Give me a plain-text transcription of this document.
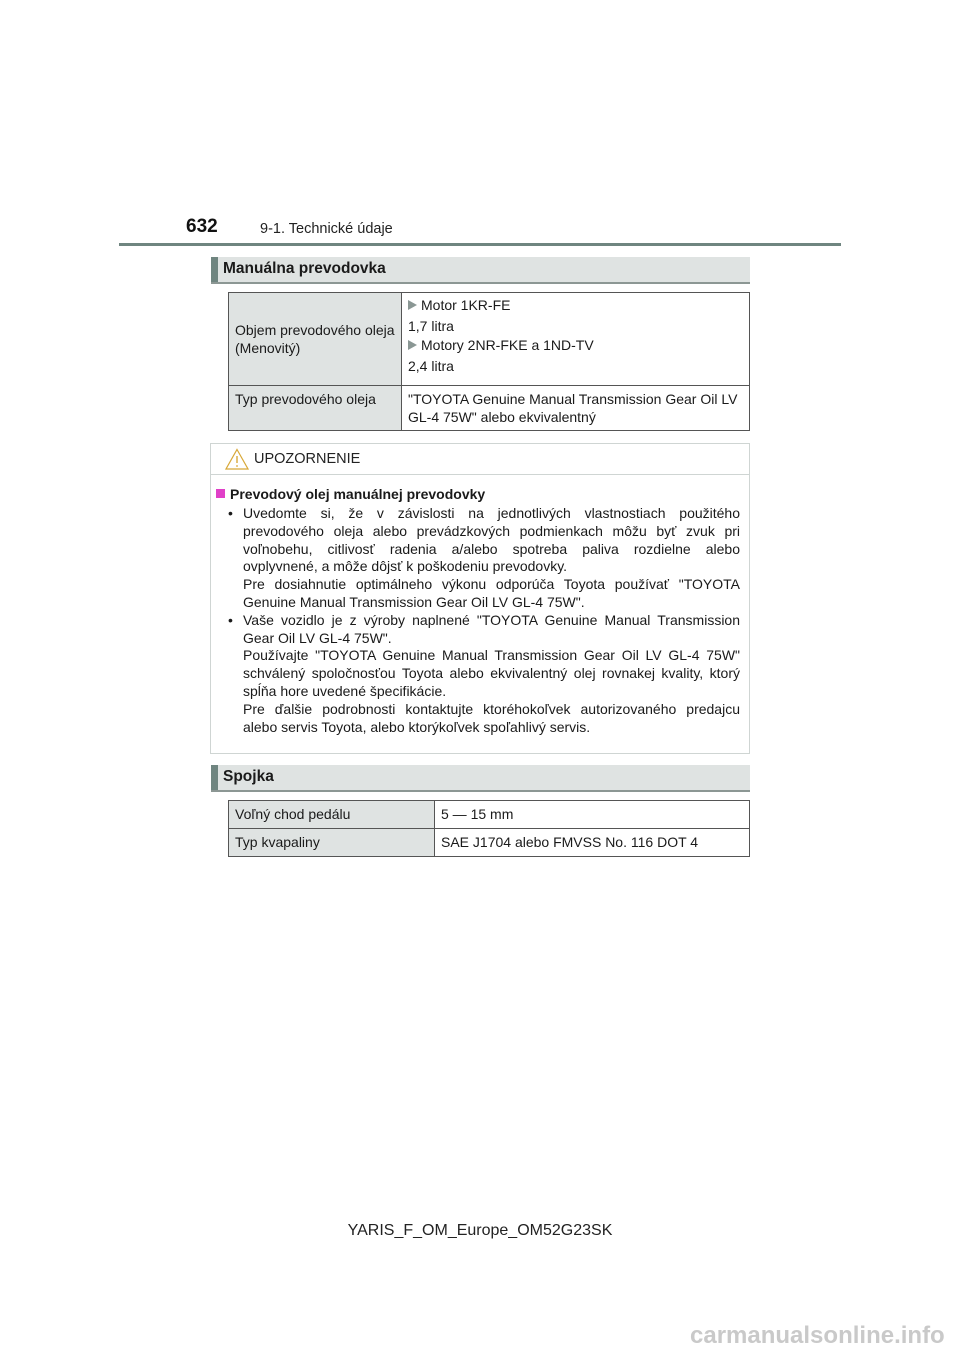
632	9-1. Technické údaje
Manuálna prevodovka
Objem prevodového oleja (Menovitý)	Motor 1KR-FE
1,7 litra
Motory 2NR-FKE a 1ND-TV
2,4 litra

Typ prevodového oleja	"TOYOTA Genuine Manual Transmission Gear Oil LV GL-4 75W" alebo ekvivalentný
UPOZORNENIE
Prevodový olej manuálnej prevodovky
• Uvedomte si, že v závislosti na jednotlivých vlastnostiach použitého prevodového oleja alebo prevádzkových podmienkach môžu byť zvuk pri voľnobehu, citlivosť radenia a/alebo spotreba paliva rozdielne alebo ovplyvnené, a môže dôjsť k poškodeniu prevodovky.

Pre dosiahnutie optimálneho výkonu odporúča Toyota používať "TOYOTA Genuine Manual Transmission Gear Oil LV GL-4 75W".

• Vaše vozidlo je z výroby naplnené "TOYOTA Genuine Manual Transmission Gear Oil LV GL-4 75W".

Používajte "TOYOTA Genuine Manual Transmission Gear Oil LV GL-4 75W" schválený spoločnosťou Toyota alebo ekvivalentný olej rovnakej kvality, ktorý spĺňa hore uvedené špecifikácie.

Pre ďalšie podrobnosti kontaktujte ktoréhokoľvek autorizovaného predajcu alebo servis Toyota, alebo ktorýkoľvek spoľahlivý servis.

Spojka
Voľný chod pedálu	5 — 15 mm

Typ kvapaliny	SAE J1704 alebo FMVSS No. 116 DOT 4
YARIS_F_OM_Europe_OM52G23SK
carmanualsonline.info
